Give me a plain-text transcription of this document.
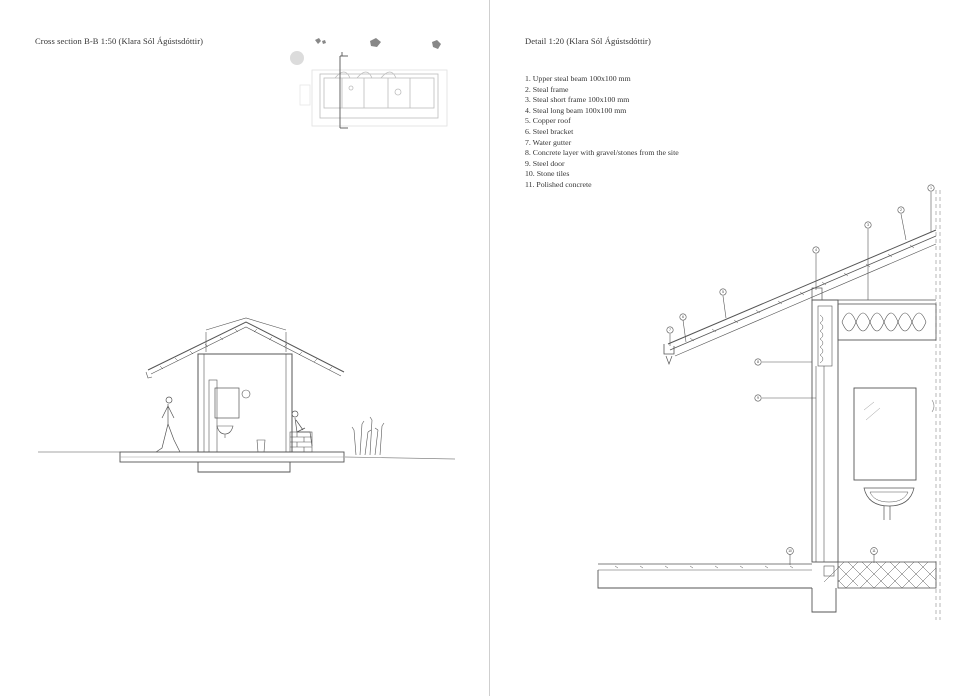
Cross section B-B 1:50 (Klara Sól Ágústsdóttir)	Detail 1:20 (Klara Sól Ágústsdóttir)
1. Upper steal beam 100x100 mm
2. Steal frame
3. Steal short frame 100x100 mm
4. Steal long beam 100x100 mm
5. Copper roof
6. Steel bracket
7. Water gutter
8. Concrete layer with gravel/stones from the site
9. Steel door
10. Stone tiles
11. Polished concrete	1
2
3
4
5
6
7
8
9
10	11
